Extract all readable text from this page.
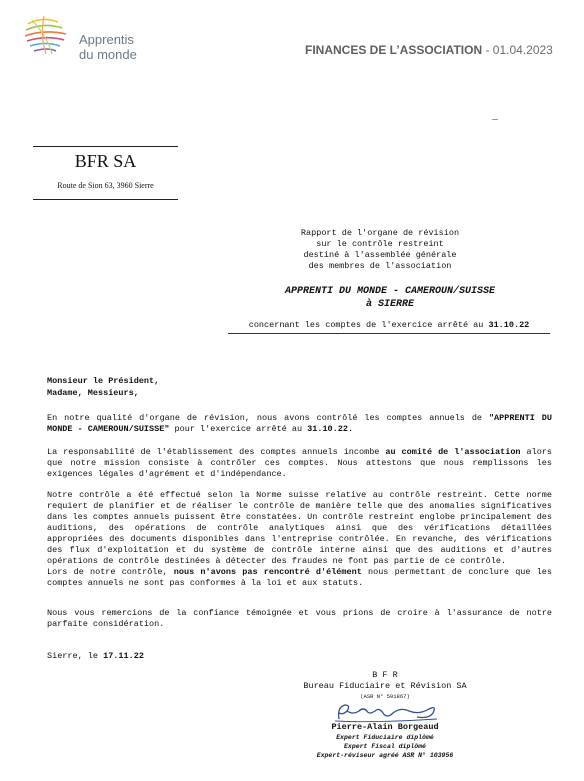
Apprentis
du monde	FINANCES DE L’ASSOCIATION - 01.04.2023
BFR SA
Route de Sion 63, 3960 Sierre
Rapport de l'organe de révision
sur le contrôle restreint
destiné à l'assemblée générale
des membres de l'association
APPRENTI DU MONDE - CAMEROUN/SUISSE
à SIERRE
concernant les comptes de l'exercice arrêté au 31.10.22
Monsieur le Président,
Madame, Messieurs,
En notre qualité d'organe de révision, nous avons contrôlé les comptes annuels de "APPRENTI DU MONDE - CAMEROUN/SUISSE" pour l'exercice arrêté au 31.10.22.
La responsabilité de l'établissement des comptes annuels incombe au comité de l'association alors que notre mission consiste à contrôler ces comptes. Nous attestons que nous remplissons les exigences légales d'agrément et d'indépendance.
Notre contrôle a été effectué selon la Norme suisse relative au contrôle restreint. Cette norme requiert de planifier et de réaliser le contrôle de manière telle que des anomalies significatives dans les comptes annuels puissent être constatées. Un contrôle restreint englobe principalement des auditions, des opérations de contrôle analytiques ainsi que des vérifications détaillées appropriées des documents disponibles dans l'entreprise contrôlée. En revanche, des vérifications des flux d'exploitation et du système de contrôle interne ainsi que des auditions et d'autres opérations de contrôle destinées à détecter des fraudes ne font pas partie de ce contrôle.
Lors de notre contrôle, nous n'avons pas rencontré d'élément nous permettant de conclure que les comptes annuels ne sont pas conformes à la loi et aux statuts.
Nous vous remercions de la confiance témoignée et vous prions de croire à l'assurance de notre parfaite considération.
Sierre, le 17.11.22
B F R
Bureau Fiduciaire et Révision SA
(ASR N° 501867)
Pierre-Alain Borgeaud
Expert Fiduciaire diplômé
Expert Fiscal diplômé
Expert-réviseur agréé ASR N° 103956
